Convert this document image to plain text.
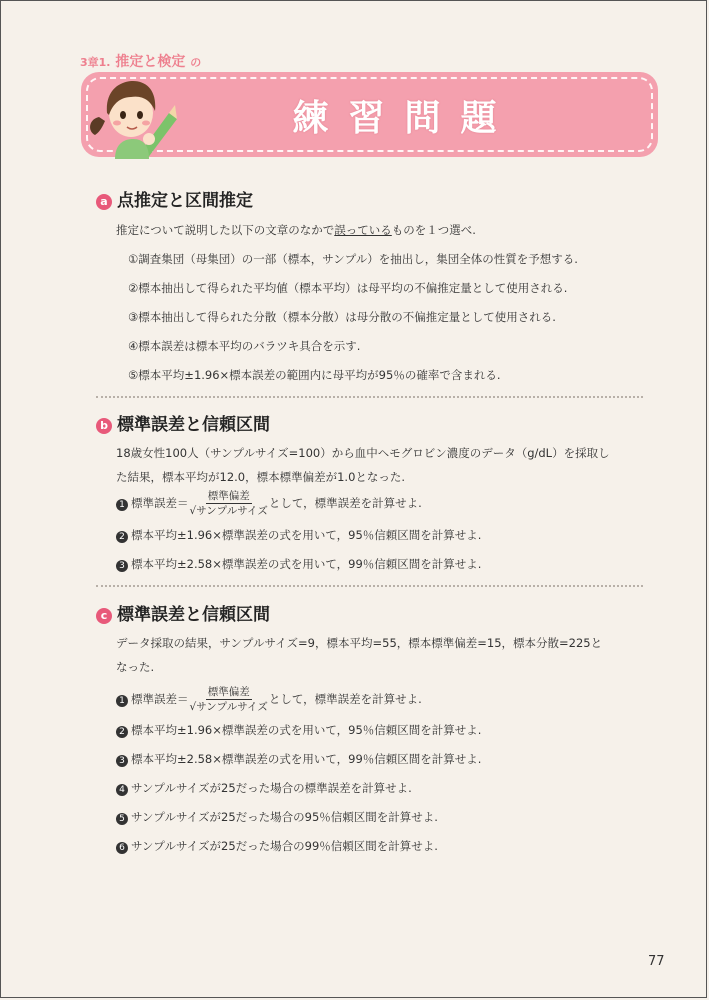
3章1. 推定と検定 の
練習問題
a 点推定と区間推定
推定について説明した以下の文章のなかで誤っているものを１つ選べ.
①調査集団（母集団）の一部（標本，サンプル）を抽出し，集団全体の性質を予想する.
②標本抽出して得られた平均値（標本平均）は母平均の不偏推定量として使用される.
③標本抽出して得られた分散（標本分散）は母分散の不偏推定量として使用される.
④標本誤差は標本平均のバラツキ具合を示す.
⑤標本平均±1.96×標本誤差の範囲内に母平均が95％の確率で含まれる.
b 標準誤差と信頼区間
18歳女性100人（サンプルサイズ=100）から血中ヘモグロビン濃度のデータ（g/dL）を採取し
た結果，標本平均が12.0，標本標準偏差が1.0となった.
1 標準誤差＝ $\frac{\text{標準偏差}}{\text{√サンプルサイズ}}$ として，標準誤差を計算せよ.
2 標本平均±1.96×標準誤差の式を用いて，95％信頼区間を計算せよ.
3 標本平均±2.58×標準誤差の式を用いて，99％信頼区間を計算せよ.
c 標準誤差と信頼区間
データ採取の結果，サンプルサイズ=9，標本平均=55，標本標準偏差=15，標本分散=225と
なった.
1 標準誤差＝ $\frac{\text{標準偏差}}{\text{√サンプルサイズ}}$ として，標準誤差を計算せよ.
2 標本平均±1.96×標準誤差の式を用いて，95％信頼区間を計算せよ.
3 標本平均±2.58×標準誤差の式を用いて，99％信頼区間を計算せよ.
4 サンプルサイズが25だった場合の標準誤差を計算せよ.
5 サンプルサイズが25だった場合の95％信頼区間を計算せよ.
6 サンプルサイズが25だった場合の99％信頼区間を計算せよ.
77
